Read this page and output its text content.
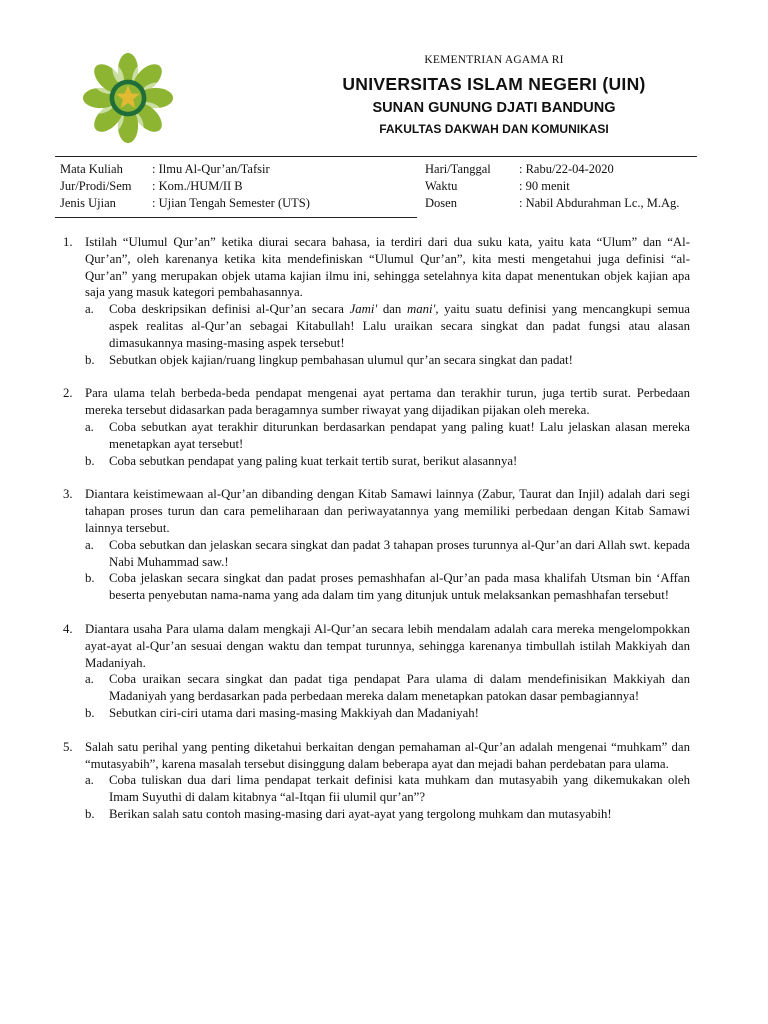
KEMENTRIAN AGAMA RI
UNIVERSITAS ISLAM NEGERI (UIN)
SUNAN GUNUNG DJATI BANDUNG
FAKULTAS DAKWAH DAN KOMUNIKASI
Mata Kuliah	: Ilmu Al-Qur’an/Tafsir
Jur/Prodi/Sem	: Kom./HUM/II B
Jenis Ujian	: Ujian Tengah Semester (UTS)
Hari/Tanggal	: Rabu/22-04-2020
Waktu	: 90 menit
Dosen	: Nabil Abdurahman Lc., M.Ag.
1. Istilah “Ulumul Qur’an” ketika diurai secara bahasa, ia terdiri dari dua suku kata, yaitu kata “Ulum” dan “Al-Qur’an”, oleh karenanya ketika kita mendefiniskan “Ulumul Qur’an”, kita mesti mengetahui juga definisi “al-Qur’an” yang merupakan objek utama kajian ilmu ini, sehingga setelahnya kita dapat menentukan objek kajian apa saja yang masuk kategori pembahasannya.
a.	Coba deskripsikan definisi al-Qur’an secara Jami' dan mani', yaitu suatu definisi yang mencangkupi semua aspek realitas al-Qur’an sebagai Kitabullah! Lalu uraikan secara singkat dan padat fungsi atau alasan dimasukannya masing-masing aspek tersebut!
b.	Sebutkan objek kajian/ruang lingkup pembahasan ulumul qur’an secara singkat dan padat!
2. Para ulama telah berbeda-beda pendapat mengenai ayat pertama dan terakhir turun, juga tertib surat. Perbedaan mereka tersebut didasarkan pada beragamnya sumber riwayat yang dijadikan pijakan oleh mereka.
a.	Coba sebutkan ayat terakhir diturunkan berdasarkan pendapat yang paling kuat! Lalu jelaskan alasan mereka menetapkan ayat tersebut!
b.	Coba sebutkan pendapat yang paling kuat terkait tertib surat, berikut alasannya!
3. Diantara keistimewaan al-Qur’an dibanding dengan Kitab Samawi lainnya (Zabur, Taurat dan Injil) adalah dari segi tahapan proses turun dan cara pemeliharaan dan periwayatannya yang memiliki perbedaan dengan Kitab Samawi lainnya tersebut.
a.	Coba sebutkan dan jelaskan secara singkat dan padat 3 tahapan proses turunnya al-Qur’an dari Allah swt. kepada Nabi Muhammad saw.!
b.	Coba jelaskan secara singkat dan padat proses pemashhafan al-Qur’an pada masa khalifah Utsman bin ‘Affan beserta penyebutan nama-nama yang ada dalam tim yang ditunjuk untuk melaksankan pemashhafan tersebut!
4. Diantara usaha Para ulama dalam mengkaji Al-Qur’an secara lebih mendalam adalah cara mereka mengelompokkan ayat-ayat al-Qur’an sesuai dengan waktu dan tempat turunnya, sehingga karenanya timbullah istilah Makkiyah dan Madaniyah.
a.	Coba uraikan secara singkat dan padat tiga pendapat Para ulama di dalam mendefinisikan Makkiyah dan Madaniyah yang berdasarkan pada perbedaan mereka dalam menetapkan patokan dasar pembagiannya!
b.	Sebutkan ciri-ciri utama dari masing-masing Makkiyah dan Madaniyah!
5. Salah satu perihal yang penting diketahui berkaitan dengan pemahaman al-Qur’an adalah mengenai “muhkam” dan “mutasyabih”, karena masalah tersebut disinggung dalam beberapa ayat dan mejadi bahan perdebatan para ulama.
a.	Coba tuliskan dua dari lima pendapat terkait definisi kata muhkam dan mutasyabih yang dikemukakan oleh Imam Suyuthi di dalam kitabnya “al-Itqan fii ulumil qur’an”?
b.	Berikan salah satu contoh masing-masing dari ayat-ayat yang tergolong muhkam dan mutasyabih!
